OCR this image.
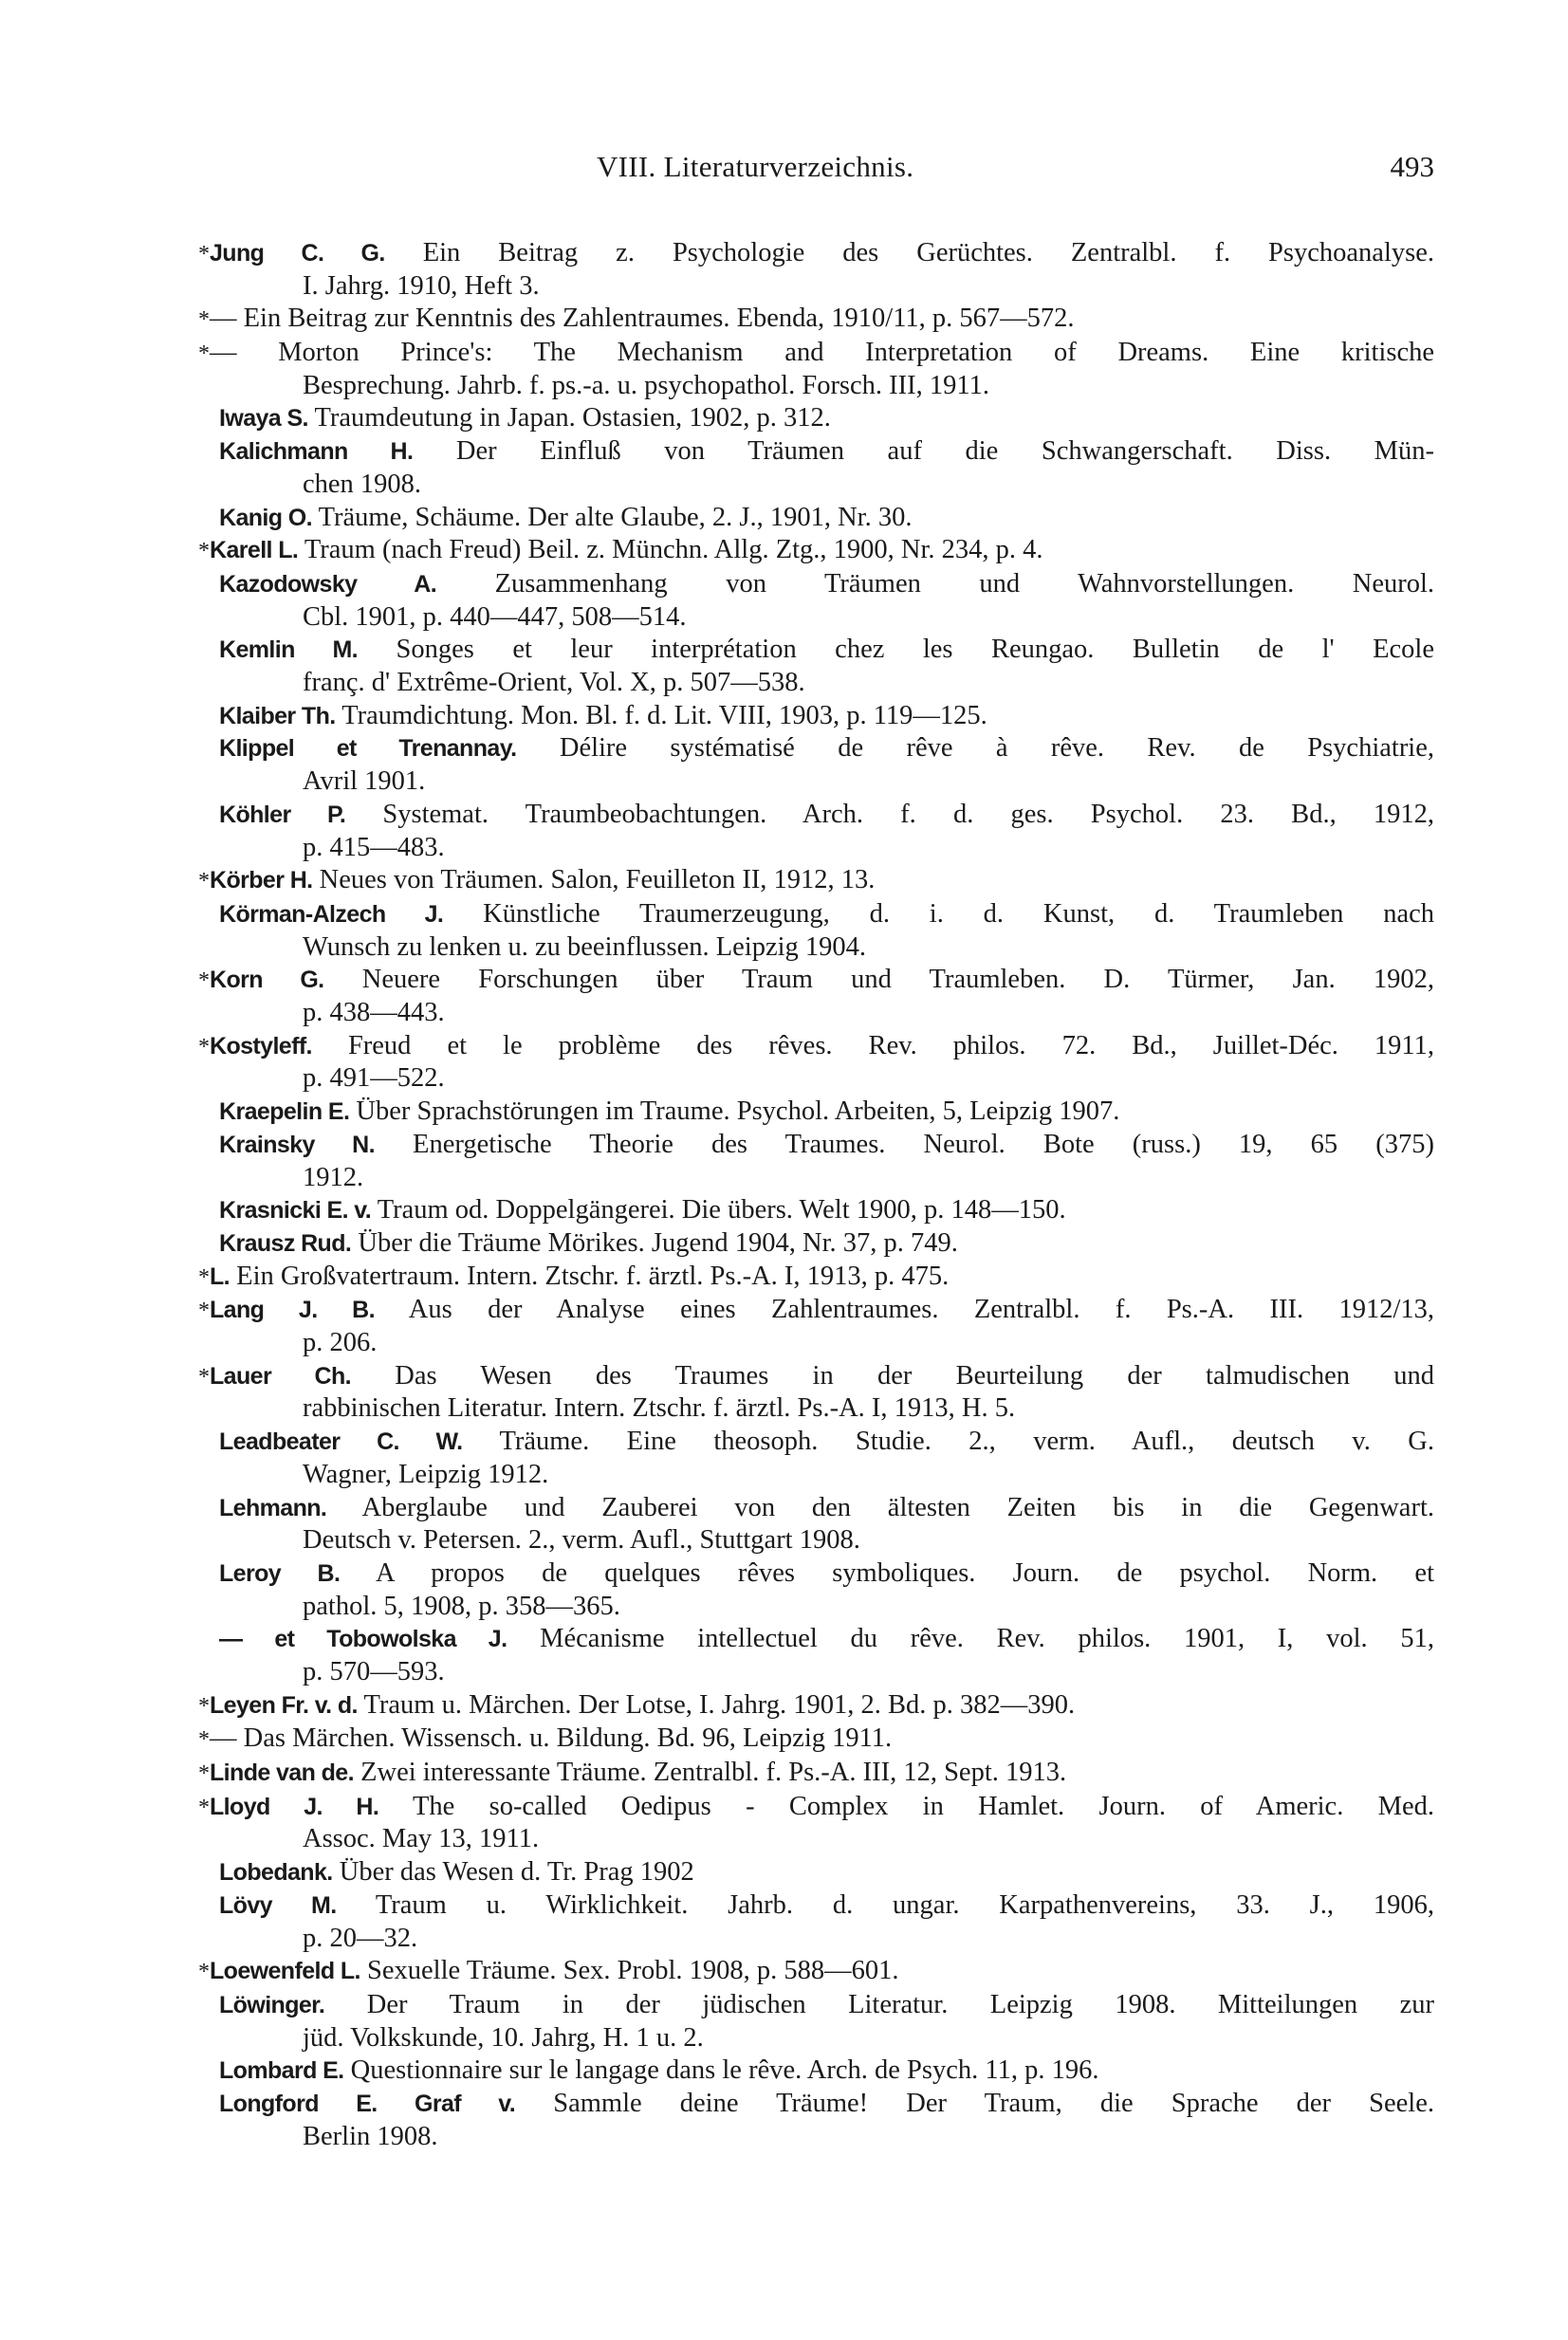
VIII. Literaturverzeichnis.	493
*Jung C. G. Ein Beitrag z. Psychologie des Gerüchtes. Zentralbl. f. Psychoanalyse.
I. Jahrg. 1910, Heft 3.
*— Ein Beitrag zur Kenntnis des Zahlentraumes. Ebenda, 1910/11, p. 567—572.
*— Morton Prince's: The Mechanism and Interpretation of Dreams. Eine kritische
Besprechung. Jahrb. f. ps.-a. u. psychopathol. Forsch. III, 1911.
Iwaya S. Traumdeutung in Japan. Ostasien, 1902, p. 312.
Kalichmann H. Der Einfluß von Träumen auf die Schwangerschaft. Diss. Mün-
chen 1908.
Kanig O. Träume, Schäume. Der alte Glaube, 2. J., 1901, Nr. 30.
*Karell L. Traum (nach Freud) Beil. z. Münchn. Allg. Ztg., 1900, Nr. 234, p. 4.
Kazodowsky A. Zusammenhang von Träumen und Wahnvorstellungen. Neurol.
Cbl. 1901, p. 440—447, 508—514.
Kemlin M. Songes et leur interprétation chez les Reungao. Bulletin de l' Ecole
franç. d' Extrême-Orient, Vol. X, p. 507—538.
Klaiber Th. Traumdichtung. Mon. Bl. f. d. Lit. VIII, 1903, p. 119—125.
Klippel et Trenannay. Délire systématisé de rêve à rêve. Rev. de Psychiatrie,
Avril 1901.
Köhler P. Systemat. Traumbeobachtungen. Arch. f. d. ges. Psychol. 23. Bd., 1912,
p. 415—483.
*Körber H. Neues von Träumen. Salon, Feuilleton II, 1912, 13.
Körman-Alzech J. Künstliche Traumerzeugung, d. i. d. Kunst, d. Traumleben nach
Wunsch zu lenken u. zu beeinflussen. Leipzig 1904.
*Korn G. Neuere Forschungen über Traum und Traumleben. D. Türmer, Jan. 1902,
p. 438—443.
*Kostyleff. Freud et le problème des rêves. Rev. philos. 72. Bd., Juillet-Déc. 1911,
p. 491—522.
Kraepelin E. Über Sprachstörungen im Traume. Psychol. Arbeiten, 5, Leipzig 1907.
Krainsky N. Energetische Theorie des Traumes. Neurol. Bote (russ.) 19, 65 (375)
1912.
Krasnicki E. v. Traum od. Doppelgängerei. Die übers. Welt 1900, p. 148—150.
Krausz Rud. Über die Träume Mörikes. Jugend 1904, Nr. 37, p. 749.
*L. Ein Großvatertraum. Intern. Ztschr. f. ärztl. Ps.-A. I, 1913, p. 475.
*Lang J. B. Aus der Analyse eines Zahlentraumes. Zentralbl. f. Ps.-A. III. 1912/13,
p. 206.
*Lauer Ch. Das Wesen des Traumes in der Beurteilung der talmudischen und
rabbinischen Literatur. Intern. Ztschr. f. ärztl. Ps.-A. I, 1913, H. 5.
Leadbeater C. W. Träume. Eine theosoph. Studie. 2., verm. Aufl., deutsch v. G.
Wagner, Leipzig 1912.
Lehmann. Aberglaube und Zauberei von den ältesten Zeiten bis in die Gegenwart.
Deutsch v. Petersen. 2., verm. Aufl., Stuttgart 1908.
Leroy B. A propos de quelques rêves symboliques. Journ. de psychol. Norm. et
pathol. 5, 1908, p. 358—365.
— et Tobowolska J. Mécanisme intellectuel du rêve. Rev. philos. 1901, I, vol. 51,
p. 570—593.
*Leyen Fr. v. d. Traum u. Märchen. Der Lotse, I. Jahrg. 1901, 2. Bd. p. 382—390.
*— Das Märchen. Wissensch. u. Bildung. Bd. 96, Leipzig 1911.
*Linde van de. Zwei interessante Träume. Zentralbl. f. Ps.-A. III, 12, Sept. 1913.
*Lloyd J. H. The so-called Oedipus - Complex in Hamlet. Journ. of Americ. Med.
Assoc. May 13, 1911.
Lobedank. Über das Wesen d. Tr. Prag 1902
Lövy M. Traum u. Wirklichkeit. Jahrb. d. ungar. Karpathenvereins, 33. J., 1906,
p. 20—32.
*Loewenfeld L. Sexuelle Träume. Sex. Probl. 1908, p. 588—601.
Löwinger. Der Traum in der jüdischen Literatur. Leipzig 1908. Mitteilungen zur
jüd. Volkskunde, 10. Jahrg, H. 1 u. 2.
Lombard E. Questionnaire sur le langage dans le rêve. Arch. de Psych. 11, p. 196.
Longford E. Graf v. Sammle deine Träume! Der Traum, die Sprache der Seele.
Berlin 1908.
